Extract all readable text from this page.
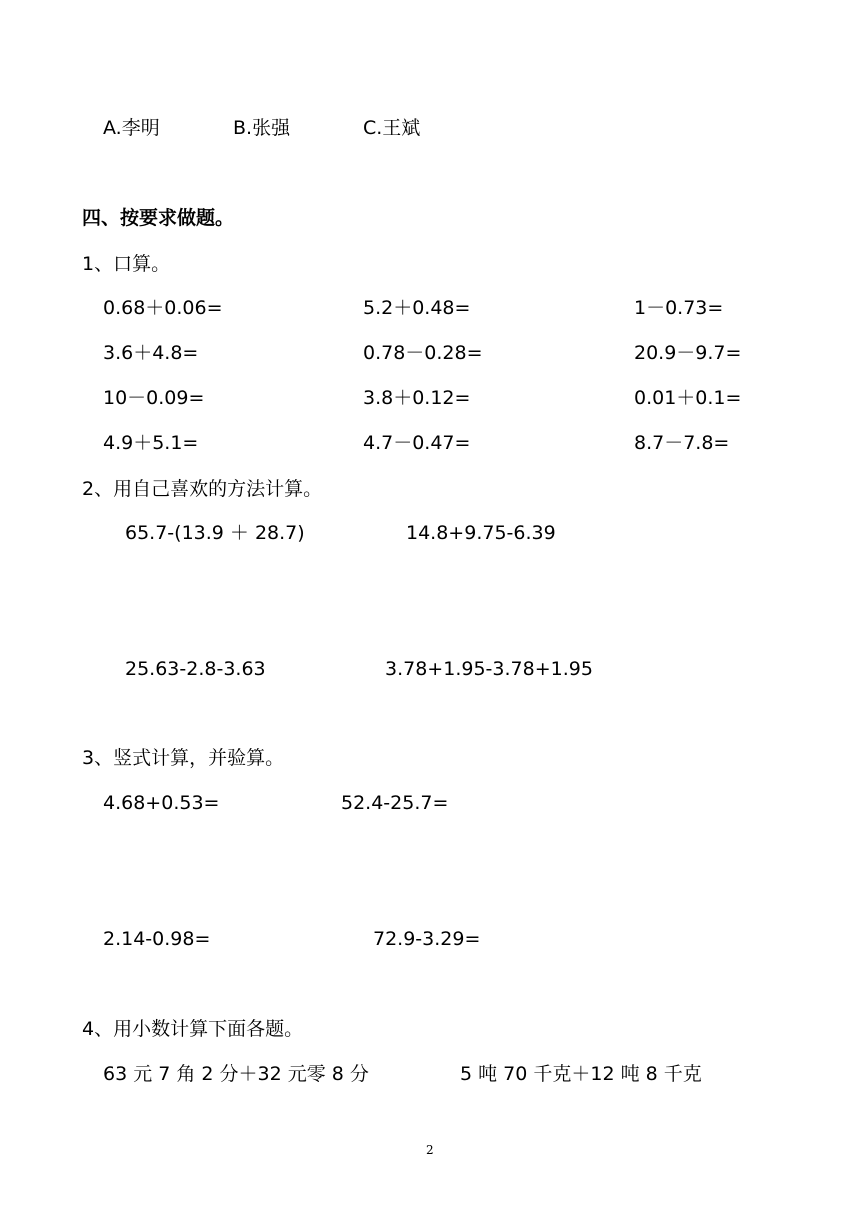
A.李明	B.张强	C.王斌
四、按要求做题。
1、口算。
0.68＋0.06=	5.2＋0.48=	1－0.73=
3.6＋4.8=	0.78－0.28=	20.9－9.7=
10－0.09=	3.8＋0.12=	0.01＋0.1=
4.9＋5.1=	4.7－0.47=	8.7－7.8=
2、用自己喜欢的方法计算。
65.7-(13.9 ＋ 28.7)	14.8+9.75-6.39
25.63-2.8-3.63	3.78+1.95-3.78+1.95
3、竖式计算，并验算。
4.68+0.53=	52.4-25.7=
2.14-0.98=	72.9-3.29=
4、用小数计算下面各题。
63 元 7 角 2 分＋32 元零 8 分	5 吨 70 千克＋12 吨 8 千克
2
